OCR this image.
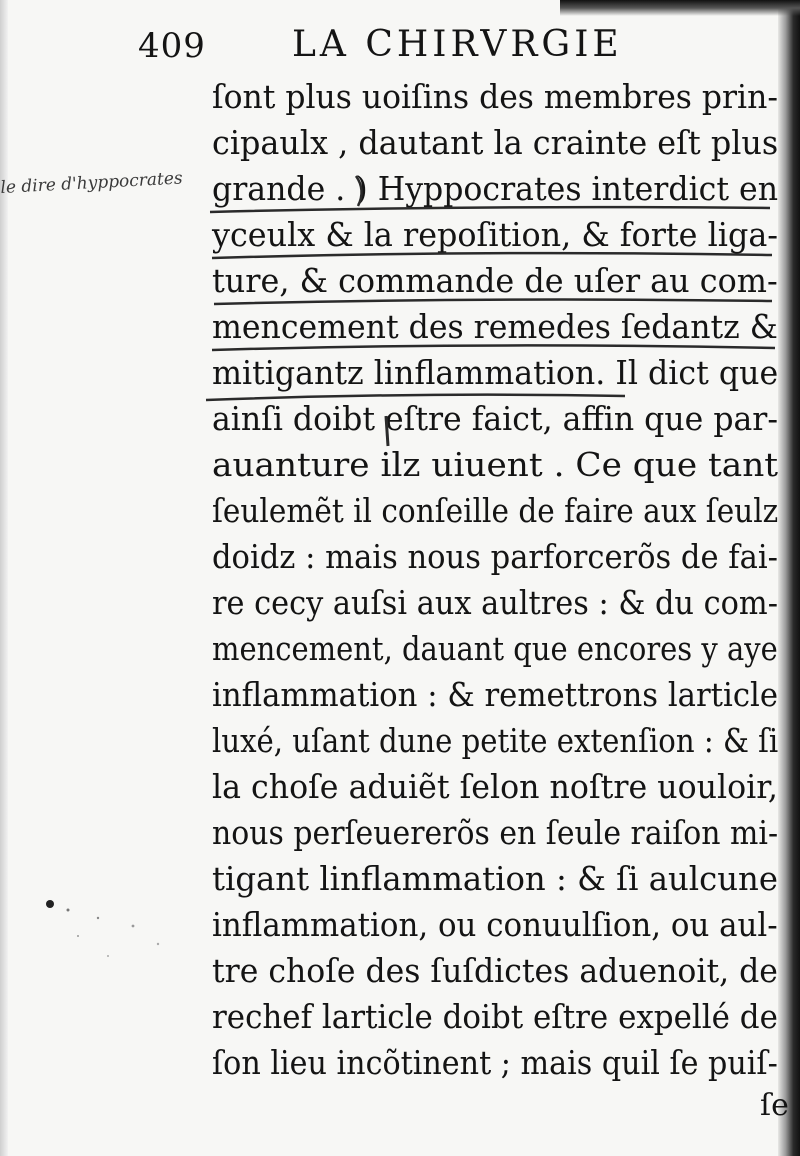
409 LA CHIRVRGIE
le dire d'hyppocrates
ſont plus uoiſins des membres prin-
cipaulx , dautant la crainte eſt plus
grande . ) Hyppocrates interdict en
yceulx & la repoſition, & forte liga-
ture, & commande de uſer au com-
mencement des remedes ſedantz &
mitigantz linflammation. Il dict que
ainſi doibt eſtre faict, affin que par-
auanture ilz uiuent . Ce que tant
ſeulemẽt il conſeille de faire aux ſeulz
doidz : mais nous parforcerõs de fai-
re cecy auſsi aux aultres : & du com-
mencement, dauant que encores y aye
inflammation : & remettrons larticle
luxé, uſant dune petite extenſion : & ſi
la choſe aduiẽt ſelon noſtre uouloir,
nous perſeuererõs en ſeule raiſon mi-
tigant linflammation : & ſi aulcune
inflammation, ou conuulſion, ou aul-
tre choſe des ſuſdictes aduenoit, de
rechef larticle doibt eſtre expellé de
ſon lieu incõtinent ; mais quil ſe puiſ-
ſe
